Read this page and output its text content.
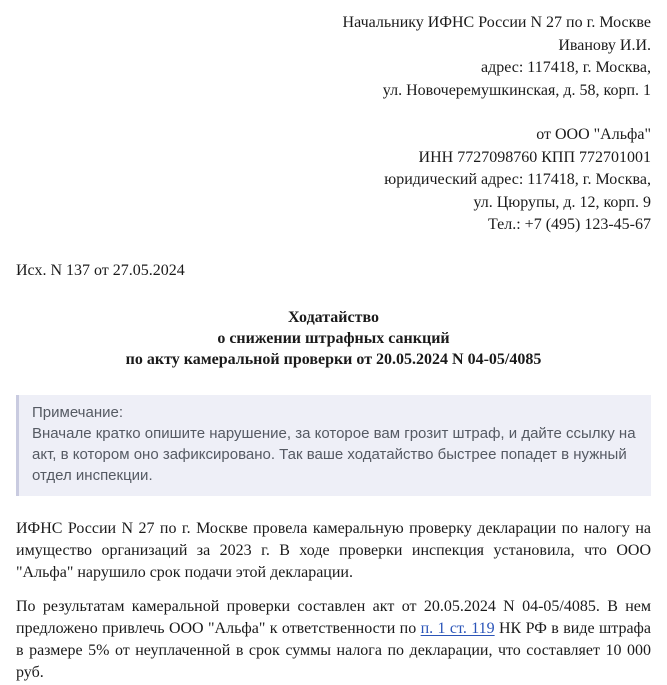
Начальнику ИФНС России N 27 по г. Москве
Иванову И.И.
адрес: 117418, г. Москва,
ул. Новочеремушкинская, д. 58, корп. 1
от ООО "Альфа"
ИНН 7727098760 КПП 772701001
юридический адрес: 117418, г. Москва,
ул. Цюрупы, д. 12, корп. 9
Тел.: +7 (495) 123-45-67
Исх. N 137 от 27.05.2024
Ходатайство
о снижении штрафных санкций
по акту камеральной проверки от 20.05.2024 N 04-05/4085
Примечание:
Вначале кратко опишите нарушение, за которое вам грозит штраф, и дайте ссылку на акт, в котором оно зафиксировано. Так ваше ходатайство быстрее попадет в нужный отдел инспекции.

ИФНС России N 27 по г. Москве провела камеральную проверку декларации по налогу на имущество организаций за 2023 г. В ходе проверки инспекция установила, что ООО "Альфа" нарушило срок подачи этой декларации.

По результатам камеральной проверки составлен акт от 20.05.2024 N 04-05/4085. В нем предложено привлечь ООО "Альфа" к ответственности по п. 1 ст. 119 НК РФ в виде штрафа в размере 5% от неуплаченной в срок суммы налога по декларации, что составляет 10 000 руб.
